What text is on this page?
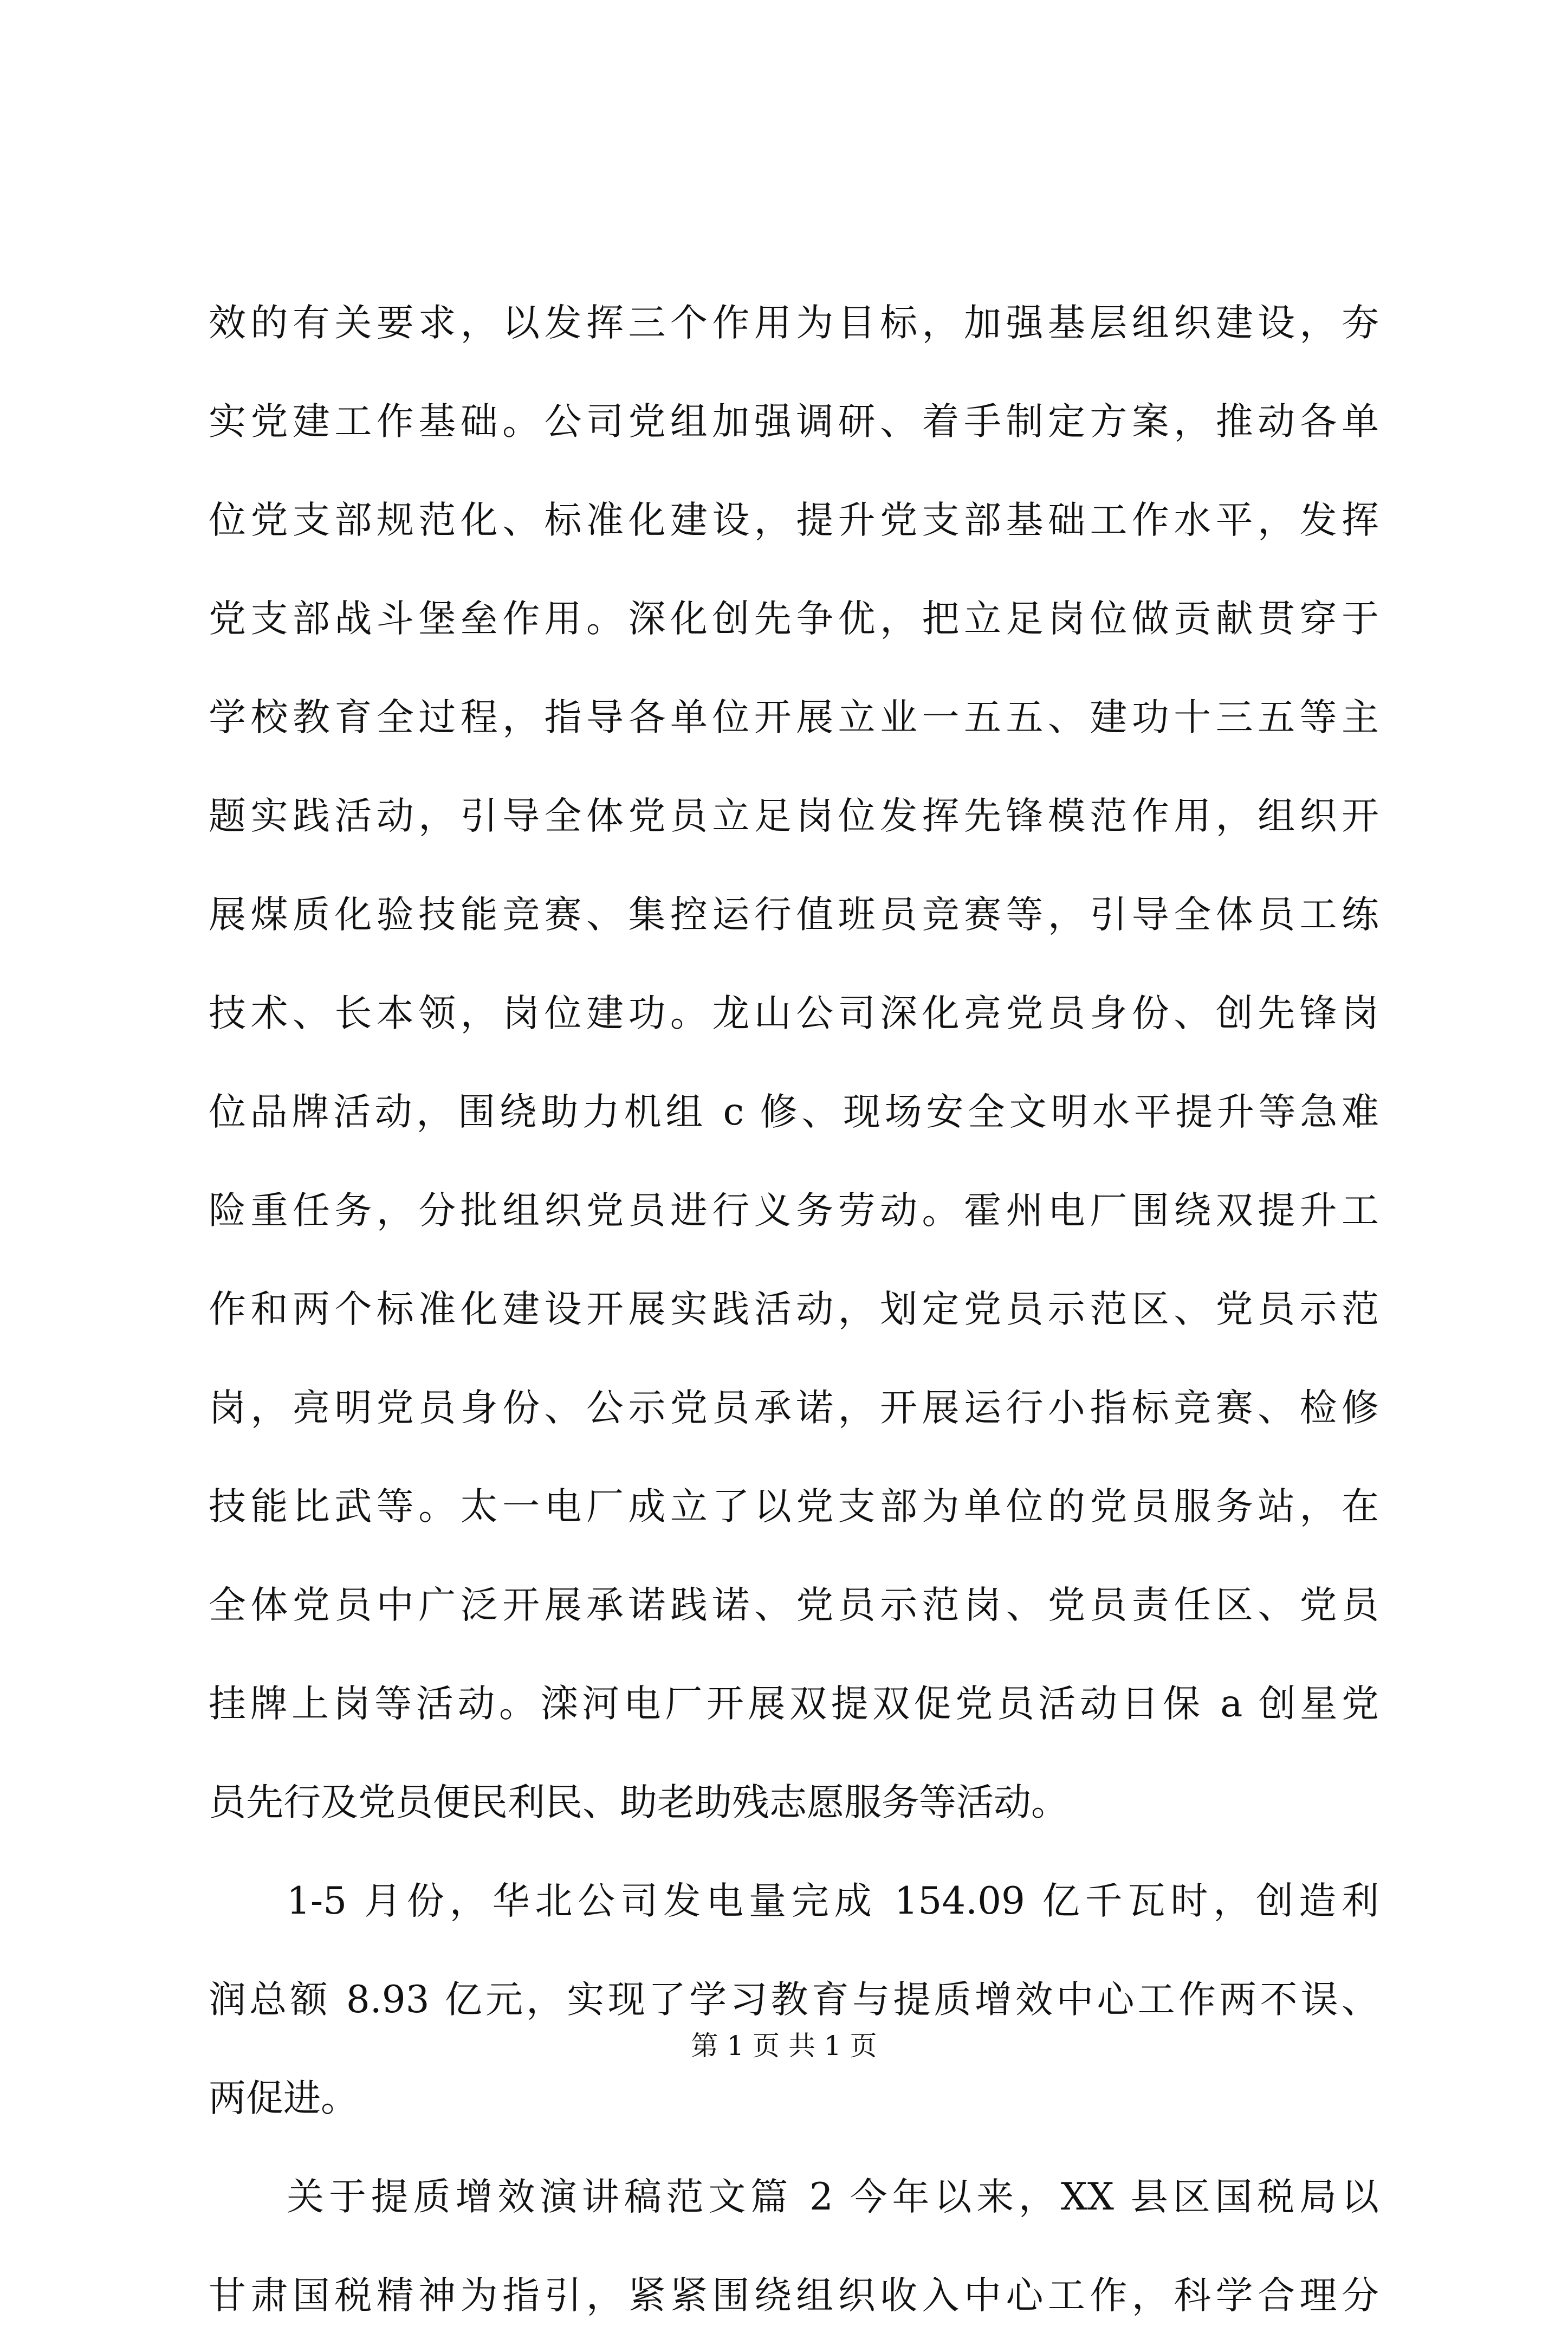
效的有关要求，以发挥三个作用为目标，加强基层组织建设，夯
实党建工作基础。公司党组加强调研、着手制定方案，推动各单
位党支部规范化、标准化建设，提升党支部基础工作水平，发挥
党支部战斗堡垒作用。深化创先争优，把立足岗位做贡献贯穿于
学校教育全过程，指导各单位开展立业一五五、建功十三五等主
题实践活动，引导全体党员立足岗位发挥先锋模范作用，组织开
展煤质化验技能竞赛、集控运行值班员竞赛等，引导全体员工练
技术、长本领，岗位建功。龙山公司深化亮党员身份、创先锋岗
位品牌活动，围绕助力机组 c 修、现场安全文明水平提升等急难
险重任务，分批组织党员进行义务劳动。霍州电厂围绕双提升工
作和两个标准化建设开展实践活动，划定党员示范区、党员示范
岗，亮明党员身份、公示党员承诺，开展运行小指标竞赛、检修
技能比武等。太一电厂成立了以党支部为单位的党员服务站，在
全体党员中广泛开展承诺践诺、党员示范岗、党员责任区、党员
挂牌上岗等活动。滦河电厂开展双提双促党员活动日保 a 创星党
员先行及党员便民利民、助老助残志愿服务等活动。
1-5 月份，华北公司发电量完成 154.09 亿千瓦时，创造利
润总额 8.93 亿元，实现了学习教育与提质增效中心工作两不误、
两促进。
关于提质增效演讲稿范文篇 2 今年以来，XX 县区国税局以
甘肃国税精神为指引，紧紧围绕组织收入中心工作，科学合理分
第 1 页 共 1 页
